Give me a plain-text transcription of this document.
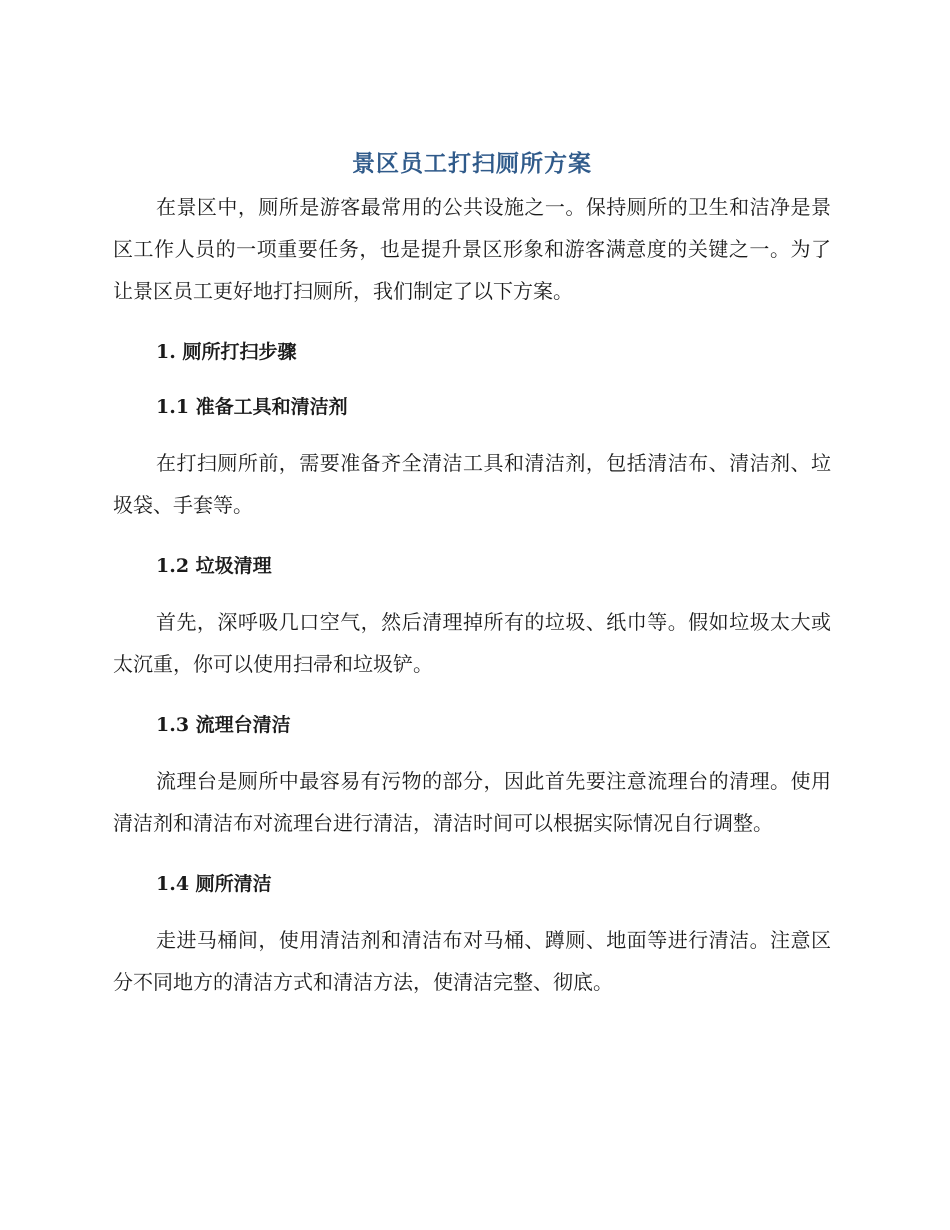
景区员工打扫厕所方案

在景区中，厕所是游客最常用的公共设施之一。保持厕所的卫生和洁净是景区工作人员的一项重要任务，也是提升景区形象和游客满意度的关键之一。为了让景区员工更好地打扫厕所，我们制定了以下方案。

1. 厕所打扫步骤
1.1 准备工具和清洁剂

在打扫厕所前，需要准备齐全清洁工具和清洁剂，包括清洁布、清洁剂、垃圾袋、手套等。

1.2 垃圾清理

首先，深呼吸几口空气，然后清理掉所有的垃圾、纸巾等。假如垃圾太大或太沉重，你可以使用扫帚和垃圾铲。

1.3 流理台清洁

流理台是厕所中最容易有污物的部分，因此首先要注意流理台的清理。使用清洁剂和清洁布对流理台进行清洁，清洁时间可以根据实际情况自行调整。

1.4 厕所清洁

走进马桶间，使用清洁剂和清洁布对马桶、蹲厕、地面等进行清洁。注意区分不同地方的清洁方式和清洁方法，使清洁完整、彻底。
